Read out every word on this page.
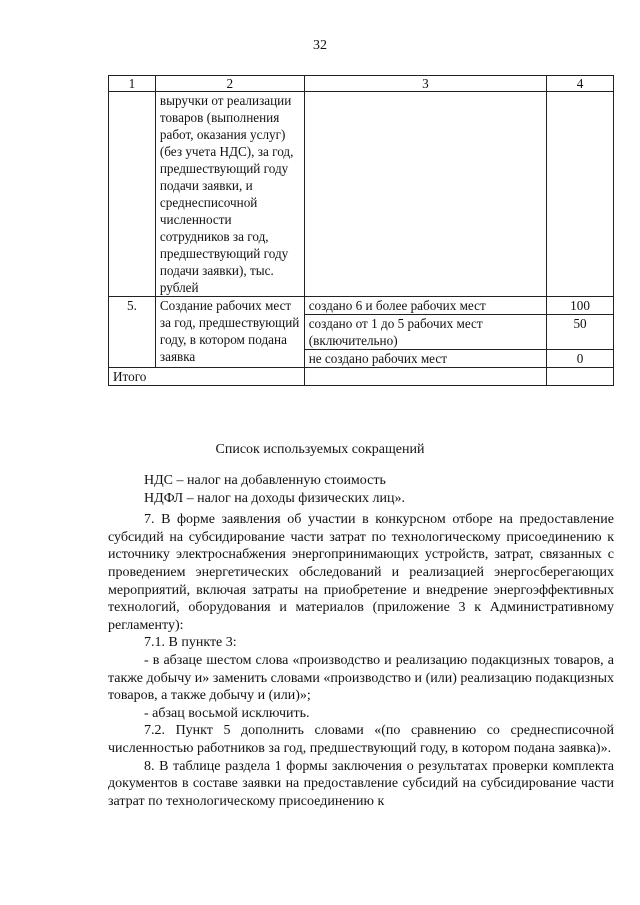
32
1	2	3	4
	выручки от реализации товаров (выполнения работ, оказания услуг) (без учета НДС), за год, предшествующий году подачи заявки, и среднесписочной численности сотрудников за год, предшествующий году подачи заявки), тыс. рублей		
5.	Создание рабочих мест за год, предшествующий году, в котором подана заявка	создано 6 и более рабочих мест	100
		создано от 1 до 5 рабочих мест (включительно)	50
		не создано рабочих мест	0
Итого			
Список используемых сокращений

НДС – налог на добавленную стоимость

НДФЛ – налог на доходы физических лиц».

7. В форме заявления об участии в конкурсном отборе на предоставление субсидий на субсидирование части затрат по технологическому присоединению к источнику электроснабжения энергопринимающих устройств, затрат, связанных с проведением энергетических обследований и реализацией энергосберегающих мероприятий, включая затраты на приобретение и внедрение энергоэффективных технологий, оборудования и материалов (приложение 3 к Административному регламенту):

7.1. В пункте 3:

- в абзаце шестом слова «производство и реализацию подакцизных товаров, а также добычу и» заменить словами «производство и (или) реализацию подакцизных товаров, а также добычу и (или)»;

- абзац восьмой исключить.

7.2. Пункт 5 дополнить словами «(по сравнению со среднесписочной численностью работников за год, предшествующий году, в котором подана заявка)».

8. В таблице раздела 1 формы заключения о результатах проверки комплекта документов в составе заявки на предоставление субсидий на субсидирование части затрат по технологическому присоединению к
